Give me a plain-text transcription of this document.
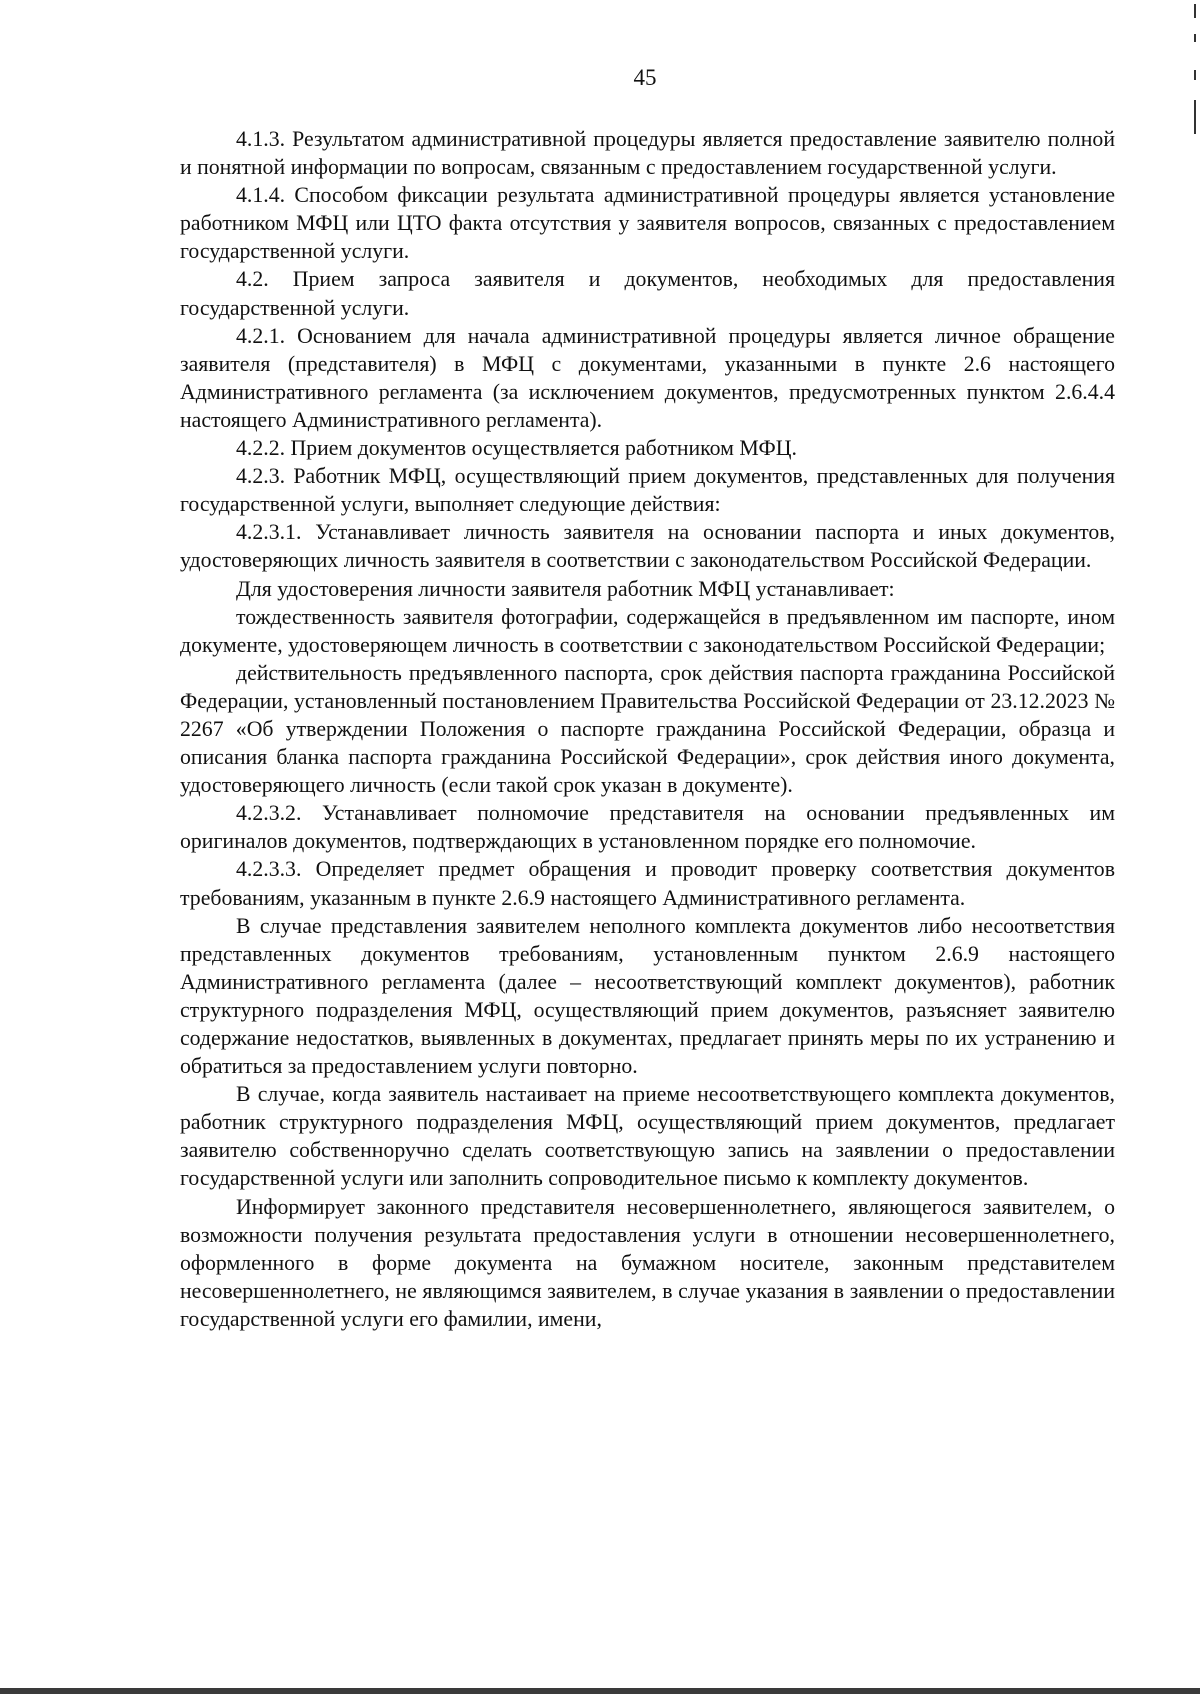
45

4.1.3. Результатом административной процедуры является предоставление заявителю полной и понятной информации по вопросам, связанным с предоставлением государственной услуги.

4.1.4. Способом фиксации результата административной процедуры является установление работником МФЦ или ЦТО факта отсутствия у заявителя вопросов, связанных с предоставлением государственной услуги.

4.2. Прием запроса заявителя и документов, необходимых для предоставления государственной услуги.

4.2.1. Основанием для начала административной процедуры является личное обращение заявителя (представителя) в МФЦ с документами, указанными в пункте 2.6 настоящего Административного регламента (за исключением документов, предусмотренных пунктом 2.6.4.4 настоящего Административного регламента).

4.2.2. Прием документов осуществляется работником МФЦ.

4.2.3. Работник МФЦ, осуществляющий прием документов, представленных для получения государственной услуги, выполняет следующие действия:

4.2.3.1. Устанавливает личность заявителя на основании паспорта и иных документов, удостоверяющих личность заявителя в соответствии с законодательством Российской Федерации.

Для удостоверения личности заявителя работник МФЦ устанавливает:

тождественность заявителя фотографии, содержащейся в предъявленном им паспорте, ином документе, удостоверяющем личность в соответствии с законодательством Российской Федерации;

действительность предъявленного паспорта, срок действия паспорта гражданина Российской Федерации, установленный постановлением Правительства Российской Федерации от 23.12.2023 № 2267 «Об утверждении Положения о паспорте гражданина Российской Федерации, образца и описания бланка паспорта гражданина Российской Федерации», срок действия иного документа, удостоверяющего личность (если такой срок указан в документе).

4.2.3.2. Устанавливает полномочие представителя на основании предъявленных им оригиналов документов, подтверждающих в установленном порядке его полномочие.

4.2.3.3. Определяет предмет обращения и проводит проверку соответствия документов требованиям, указанным в пункте 2.6.9 настоящего Административного регламента.

В случае представления заявителем неполного комплекта документов либо несоответствия представленных документов требованиям, установленным пунктом 2.6.9 настоящего Административного регламента (далее – несоответствующий комплект документов), работник структурного подразделения МФЦ, осуществляющий прием документов, разъясняет заявителю содержание недостатков, выявленных в документах, предлагает принять меры по их устранению и обратиться за предоставлением услуги повторно.

В случае, когда заявитель настаивает на приеме несоответствующего комплекта документов, работник структурного подразделения МФЦ, осуществляющий прием документов, предлагает заявителю собственноручно сделать соответствующую запись на заявлении о предоставлении государственной услуги или заполнить сопроводительное письмо к комплекту документов.

Информирует законного представителя несовершеннолетнего, являющегося заявителем, о возможности получения результата предоставления услуги в отношении несовершеннолетнего, оформленного в форме документа на бумажном носителе, законным представителем несовершеннолетнего, не являющимся заявителем, в случае указания в заявлении о предоставлении государственной услуги его фамилии, имени,
